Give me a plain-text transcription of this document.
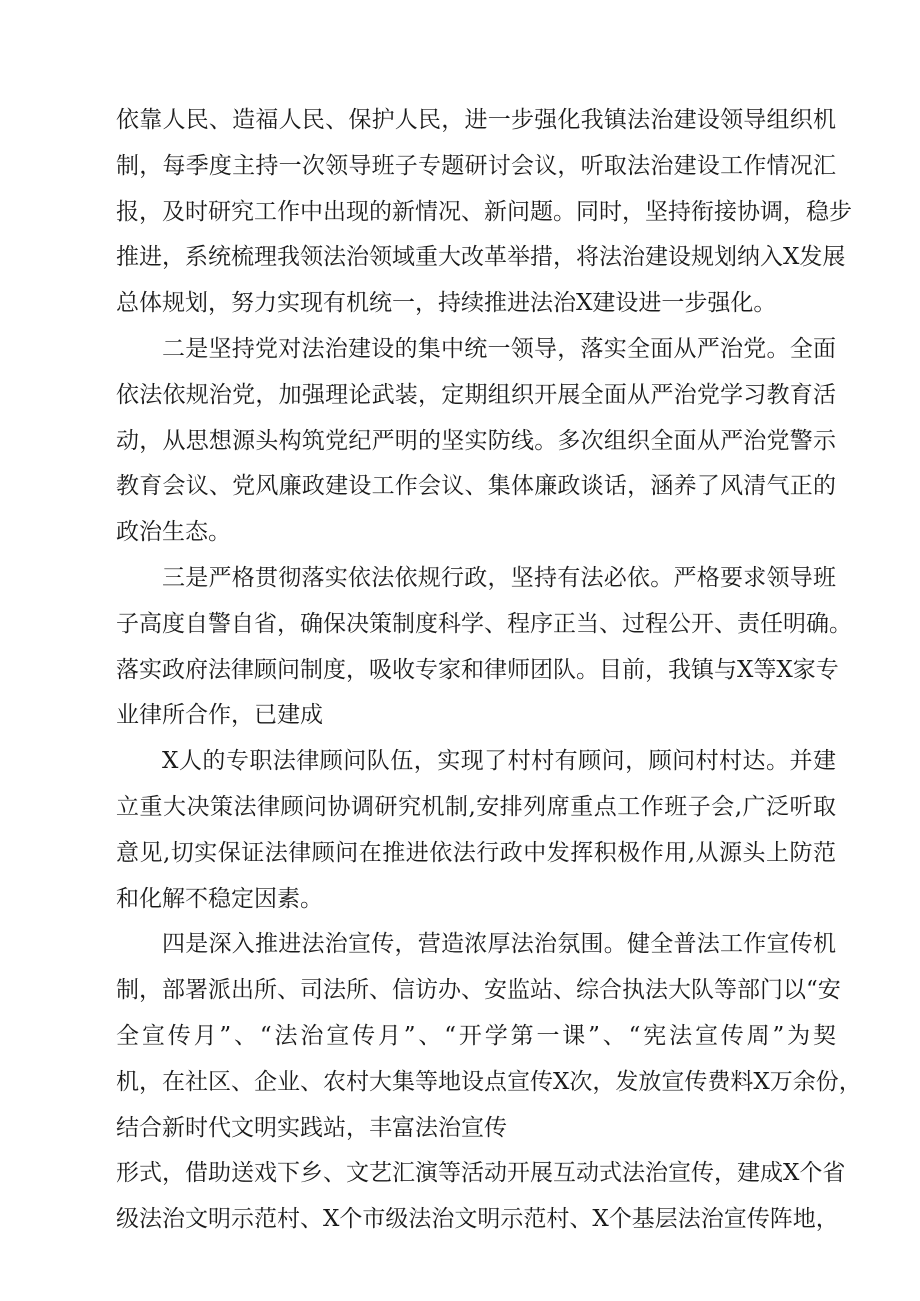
依靠人民、造福人民、保护人民，进一步强化我镇法治建设领导组织机
制，每季度主持一次领导班子专题研讨会议，听取法治建设工作情况汇
报，及时研究工作中出现的新情况、新问题。同时，坚持衔接协调，稳步
推进，系统梳理我领法治领域重大改革举措，将法治建设规划纳入X发展
总体规划，努力实现有机统一，持续推进法治X建设进一步强化。
二是坚持党对法治建设的集中统一领导，落实全面从严治党。全面
依法依规治党，加强理论武装，定期组织开展全面从严治党学习教育活
动，从思想源头构筑党纪严明的坚实防线。多次组织全面从严治党警示
教育会议、党风廉政建设工作会议、集体廉政谈话，涵养了风清气正的
政治生态。
三是严格贯彻落实依法依规行政，坚持有法必依。严格要求领导班
子高度自警自省，确保决策制度科学、程序正当、过程公开、责任明确。
落实政府法律顾问制度，吸收专家和律师团队。目前，我镇与X等X家专
业律所合作，已建成
X人的专职法律顾问队伍，实现了村村有顾问，顾问村村达。并建
立重大决策法律顾问协调研究机制,安排列席重点工作班子会,广泛听取
意见,切实保证法律顾问在推进依法行政中发挥积极作用,从源头上防范
和化解不稳定因素。
四是深入推进法治宣传，营造浓厚法治氛围。健全普法工作宣传机
制，部署派出所、司法所、信访办、安监站、综合执法大队等部门以“安
全宣传月”、“法治宣传月”、“开学第一课”、“宪法宣传周”为契
机，在社区、企业、农村大集等地设点宣传X次，发放宣传费料X万余份，
结合新时代文明实践站，丰富法治宣传
形式，借助送戏下乡、文艺汇演等活动开展互动式法治宣传，建成X个省
级法治文明示范村、X个市级法治文明示范村、X个基层法治宣传阵地，
